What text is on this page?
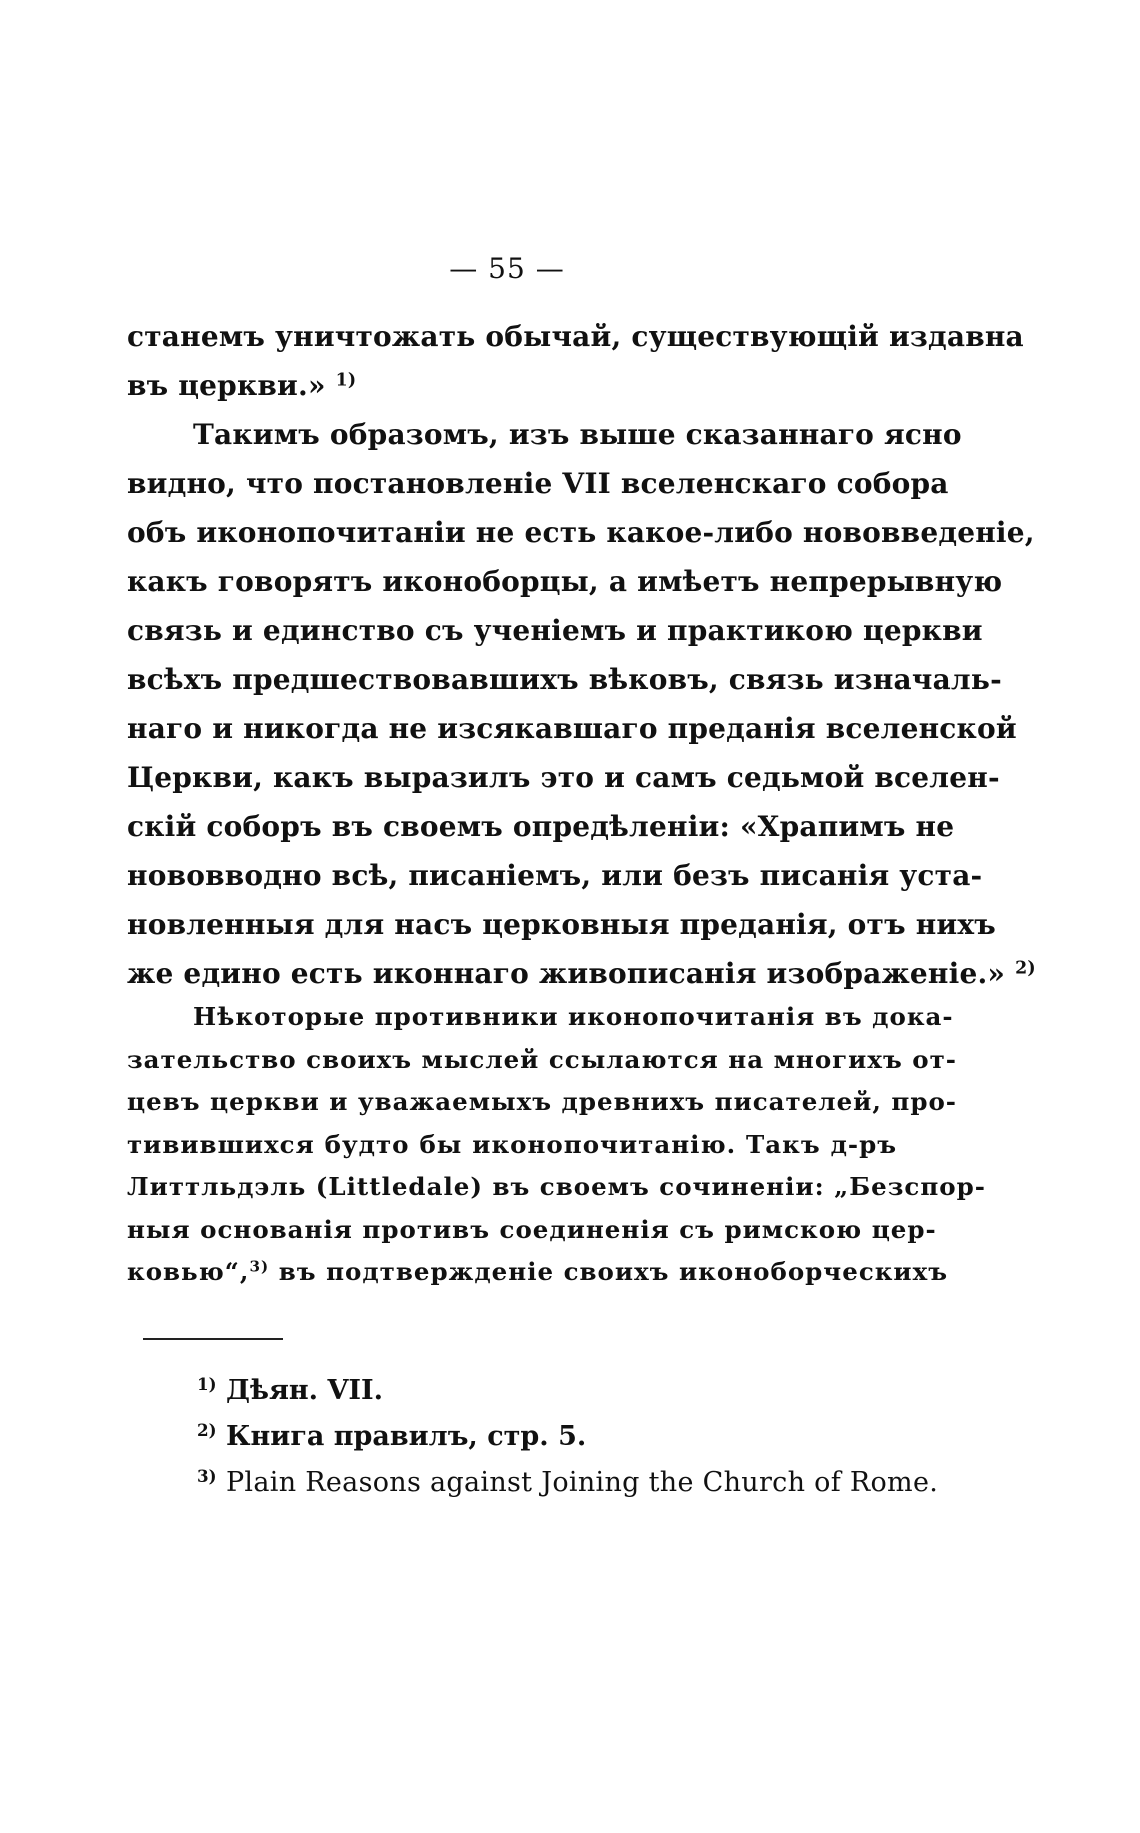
— 55 —
станемъ уничтожать обычай, существующій издавна
въ церкви.» $^{1)}$
Такимъ образомъ, изъ выше сказаннаго ясно
видно, что постановленіе VII вселенскаго собора
объ иконопочитаніи не есть какое-либо нововведеніе,
какъ говорятъ иконоборцы, а имѣетъ непрерывную
связь и единство съ ученіемъ и практикою церкви
всѣхъ предшествовавшихъ вѣковъ, связь изначаль-
наго и никогда не изсякавшаго преданія вселенской
Церкви, какъ выразилъ это и самъ седьмой вселен-
скій соборъ въ своемъ опредѣленіи: «Храпимъ не
нововводно всѣ, писаніемъ, или безъ писанія уста-
новленныя для насъ церковныя преданія, отъ нихъ
же едино есть иконнаго живописанія изображеніе.» $^{2)}$
Нѣкоторые противники иконопочитанія въ дока-
зательство своихъ мыслей ссылаются на многихъ от-
цевъ церкви и уважаемыхъ древнихъ писателей, про-
тивившихся будто бы иконопочитанію. Такъ д-ръ
Литтльдэль (Littledale) въ своемъ сочиненіи: „Безспор-
ныя основанія противъ соединенія съ римскою цер-
ковью“,$^{3)}$ въ подтвержденіе своихъ иконоборческихъ
$^{1)}$ Дѣян. VII.
$^{2)}$ Книга правилъ, стр. 5.
$^{3)}$ Plain Reasons against Joining the Church of Rome.
